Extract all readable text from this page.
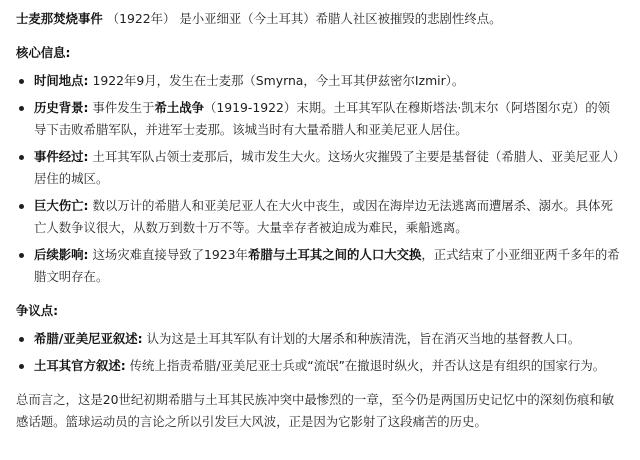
士麦那焚烧事件 （1922年） 是小亚细亚（今土耳其）希腊人社区被摧毁的悲剧性终点。

核心信息:

时间地点: 1922年9月，发生在士麦那（Smyrna，今土耳其伊兹密尔Izmir）。
历史背景: 事件发生于希土战争（1919-1922）末期。土耳其军队在穆斯塔法·凯末尔（阿塔图尔克）的领导下击败希腊军队，并进军士麦那。该城当时有大量希腊人和亚美尼亚人居住。
事件经过: 土耳其军队占领士麦那后，城市发生大火。这场火灾摧毁了主要是基督徒（希腊人、亚美尼亚人）居住的城区。
巨大伤亡: 数以万计的希腊人和亚美尼亚人在大火中丧生，或因在海岸边无法逃离而遭屠杀、溺水。具体死亡人数争议很大，从数万到数十万不等。大量幸存者被迫成为难民，乘船逃离。
后续影响: 这场灾难直接导致了1923年希腊与土耳其之间的人口大交换，正式结束了小亚细亚两千多年的希腊文明存在。

争议点:

希腊/亚美尼亚叙述: 认为这是土耳其军队有计划的大屠杀和种族清洗，旨在消灭当地的基督教人口。
土耳其官方叙述: 传统上指责希腊/亚美尼亚士兵或“流氓”在撤退时纵火，并否认这是有组织的国家行为。

总而言之，这是20世纪初期希腊与土耳其民族冲突中最惨烈的一章，至今仍是两国历史记忆中的深刻伤痕和敏感话题。篮球运动员的言论之所以引发巨大风波，正是因为它影射了这段痛苦的历史。
